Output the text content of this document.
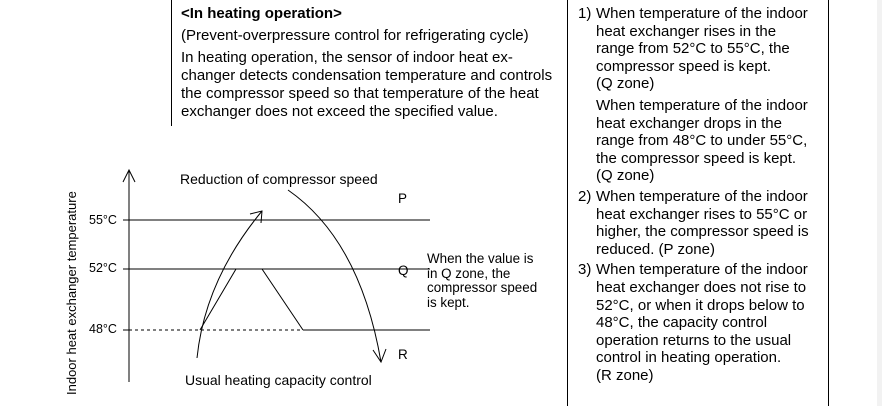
<In heating operation>
(Prevent-overpressure control for refrigerating cycle)
In heating operation, the sensor of indoor heat ex-
changer detects condensation temperature and controls
the compressor speed so that temperature of the heat
exchanger does not exceed the specified value.
Indoor heat exchanger temperature 55°C
52°C
48°C
Reduction of compressor speed
Usual heating capacity control
P
Q
R
When the value is
in Q zone, the
compressor speed
is kept.
1) When temperature of the indoor

heat exchanger rises in the

range from 52°C to 55°C, the

compressor speed is kept.

(Q zone)

When temperature of the indoor

heat exchanger drops in the

range from 48°C to under 55°C,

the compressor speed is kept.

(Q zone)

2) When temperature of the indoor

heat exchanger rises to 55°C or

higher, the compressor speed is

reduced. (P zone)

3) When temperature of the indoor

heat exchanger does not rise to

52°C, or when it drops below to

48°C, the capacity control

operation returns to the usual

control in heating operation.

(R zone)
